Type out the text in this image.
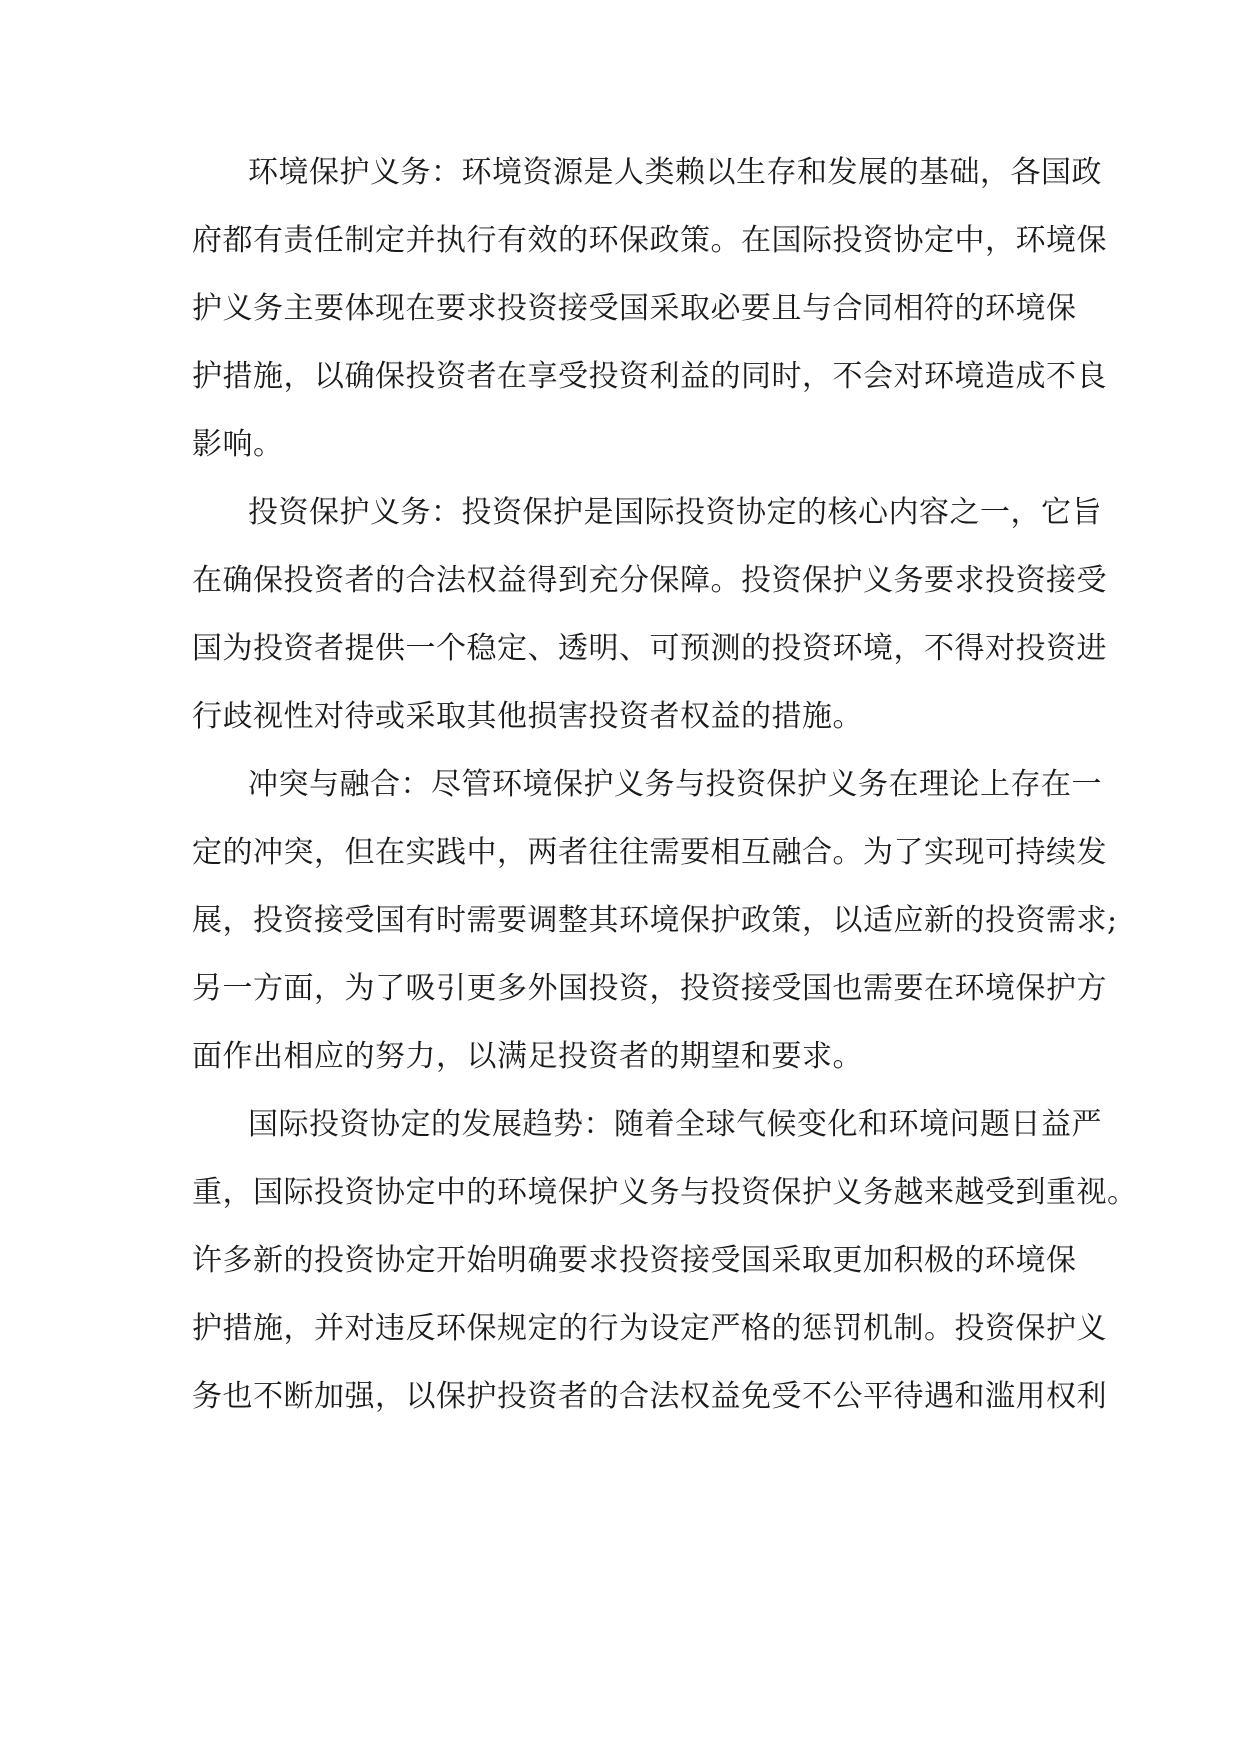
环境保护义务：环境资源是人类赖以生存和发展的基础，各国政
府都有责任制定并执行有效的环保政策。在国际投资协定中，环境保
护义务主要体现在要求投资接受国采取必要且与合同相符的环境保
护措施，以确保投资者在享受投资利益的同时，不会对环境造成不良
影响。
投资保护义务：投资保护是国际投资协定的核心内容之一，它旨
在确保投资者的合法权益得到充分保障。投资保护义务要求投资接受
国为投资者提供一个稳定、透明、可预测的投资环境，不得对投资进
行歧视性对待或采取其他损害投资者权益的措施。
冲突与融合：尽管环境保护义务与投资保护义务在理论上存在一
定的冲突，但在实践中，两者往往需要相互融合。为了实现可持续发
展，投资接受国有时需要调整其环境保护政策，以适应新的投资需求;
另一方面，为了吸引更多外国投资，投资接受国也需要在环境保护方
面作出相应的努力，以满足投资者的期望和要求。
国际投资协定的发展趋势：随着全球气候变化和环境问题日益严
重，国际投资协定中的环境保护义务与投资保护义务越来越受到重视。
许多新的投资协定开始明确要求投资接受国采取更加积极的环境保
护措施，并对违反环保规定的行为设定严格的惩罚机制。投资保护义
务也不断加强，以保护投资者的合法权益免受不公平待遇和滥用权利
